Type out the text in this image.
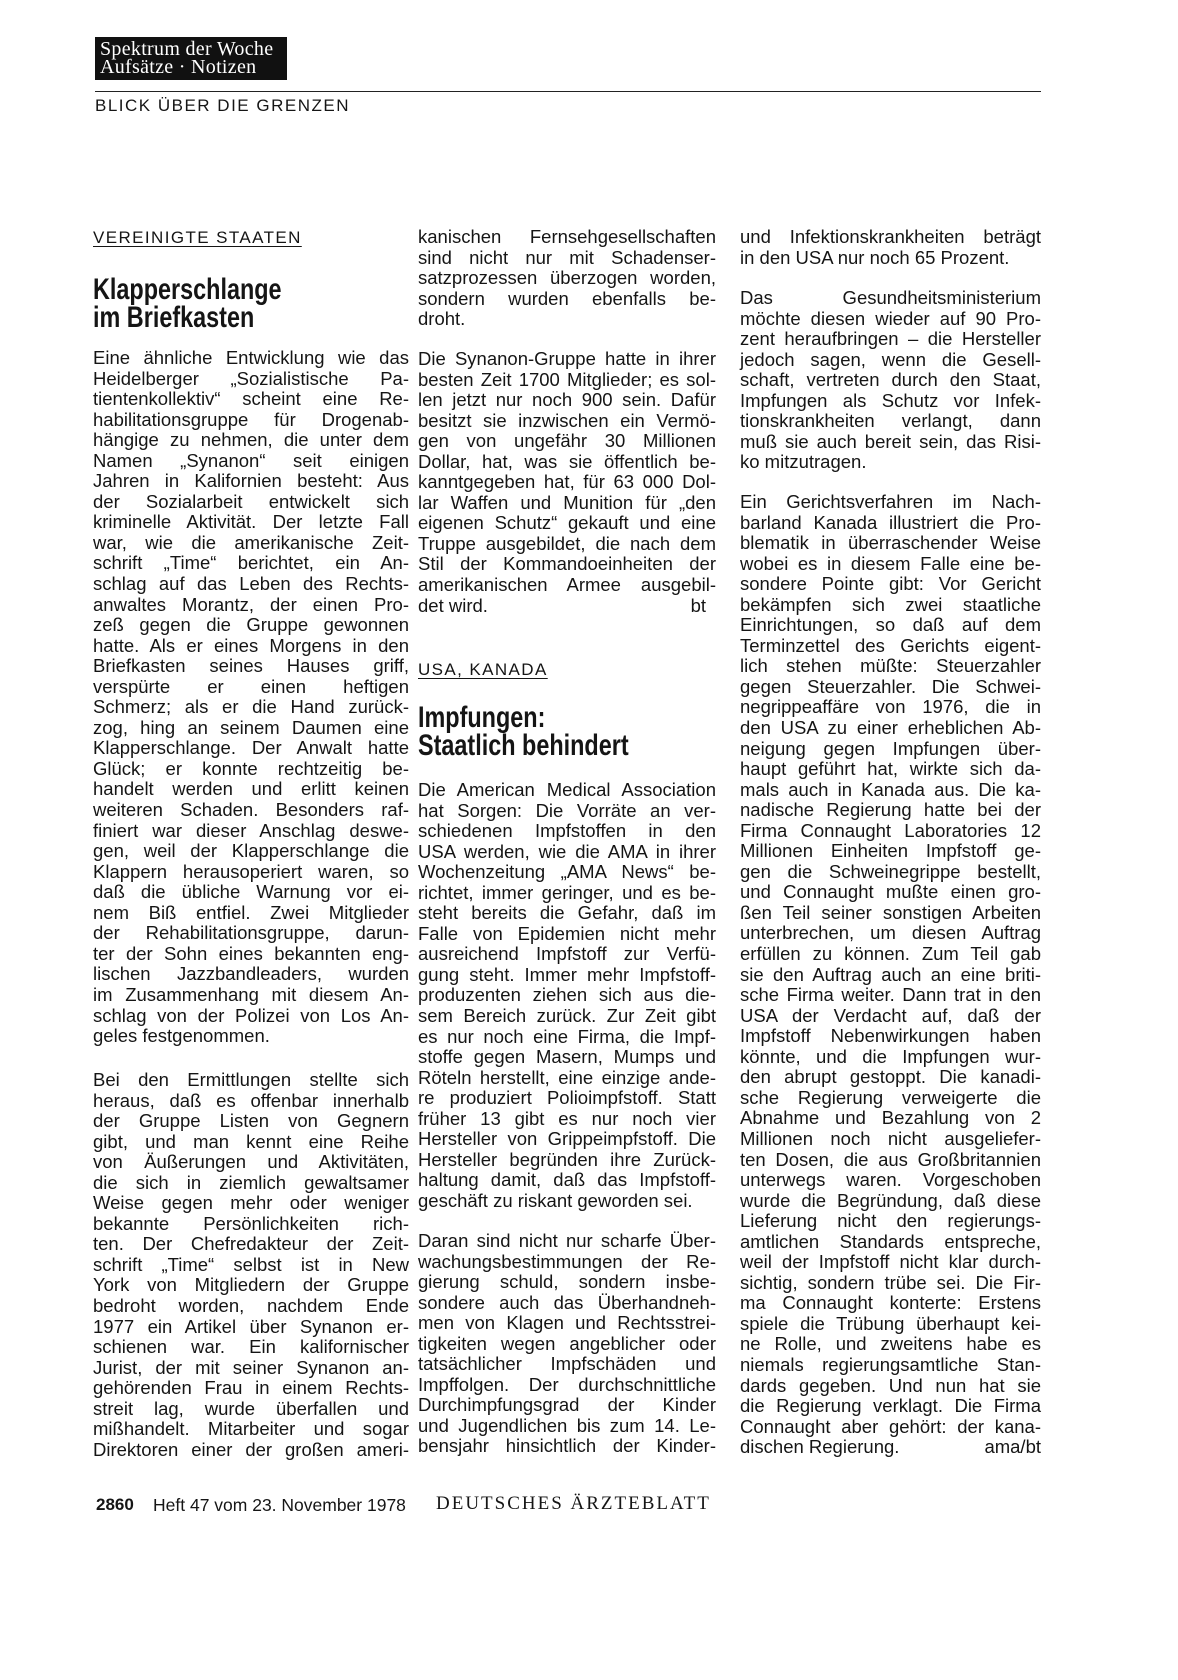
Spektrum der Woche
Aufsätze · Notizen
BLICK ÜBER DIE GRENZEN
VEREINIGTE STAATEN
Klapperschlange
im Briefkasten
Eine ähnliche Entwicklung wie das
Heidelberger „Sozialistische Pa-
tientenkollektiv“ scheint eine Re-
habilitationsgruppe für Drogenab-
hängige zu nehmen, die unter dem
Namen „Synanon“ seit einigen
Jahren in Kalifornien besteht: Aus
der Sozialarbeit entwickelt sich
kriminelle Aktivität. Der letzte Fall
war, wie die amerikanische Zeit-
schrift „Time“ berichtet, ein An-
schlag auf das Leben des Rechts-
anwaltes Morantz, der einen Pro-
zeß gegen die Gruppe gewonnen
hatte. Als er eines Morgens in den
Briefkasten seines Hauses griff,
verspürte er einen heftigen
Schmerz; als er die Hand zurück-
zog, hing an seinem Daumen eine
Klapperschlange. Der Anwalt hatte
Glück; er konnte rechtzeitig be-
handelt werden und erlitt keinen
weiteren Schaden. Besonders raf-
finiert war dieser Anschlag deswe-
gen, weil der Klapperschlange die
Klappern herausoperiert waren, so
daß die übliche Warnung vor ei-
nem Biß entfiel. Zwei Mitglieder
der Rehabilitationsgruppe, darun-
ter der Sohn eines bekannten eng-
lischen Jazzbandleaders, wurden
im Zusammenhang mit diesem An-
schlag von der Polizei von Los An-
geles festgenommen.
Bei den Ermittlungen stellte sich
heraus, daß es offenbar innerhalb
der Gruppe Listen von Gegnern
gibt, und man kennt eine Reihe
von Äußerungen und Aktivitäten,
die sich in ziemlich gewaltsamer
Weise gegen mehr oder weniger
bekannte Persönlichkeiten rich-
ten. Der Chefredakteur der Zeit-
schrift „Time“ selbst ist in New
York von Mitgliedern der Gruppe
bedroht worden, nachdem Ende
1977 ein Artikel über Synanon er-
schienen war. Ein kalifornischer
Jurist, der mit seiner Synanon an-
gehörenden Frau in einem Rechts-
streit lag, wurde überfallen und
mißhandelt. Mitarbeiter und sogar
Direktoren einer der großen ameri-
kanischen Fernsehgesellschaften
sind nicht nur mit Schadenser-
satzprozessen überzogen worden,
sondern wurden ebenfalls be-
droht.
Die Synanon-Gruppe hatte in ihrer
besten Zeit 1700 Mitglieder; es sol-
len jetzt nur noch 900 sein. Dafür
besitzt sie inzwischen ein Vermö-
gen von ungefähr 30 Millionen
Dollar, hat, was sie öffentlich be-
kanntgegeben hat, für 63 000 Dol-
lar Waffen und Munition für „den
eigenen Schutz“ gekauft und eine
Truppe ausgebildet, die nach dem
Stil der Kommandoeinheiten der
amerikanischen Armee ausgebil-
det wird.	bt
USA, KANADA
Impfungen:
Staatlich behindert
Die American Medical Association
hat Sorgen: Die Vorräte an ver-
schiedenen Impfstoffen in den
USA werden, wie die AMA in ihrer
Wochenzeitung „AMA News“ be-
richtet, immer geringer, und es be-
steht bereits die Gefahr, daß im
Falle von Epidemien nicht mehr
ausreichend Impfstoff zur Verfü-
gung steht. Immer mehr Impfstoff-
produzenten ziehen sich aus die-
sem Bereich zurück. Zur Zeit gibt
es nur noch eine Firma, die Impf-
stoffe gegen Masern, Mumps und
Röteln herstellt, eine einzige ande-
re produziert Polioimpfstoff. Statt
früher 13 gibt es nur noch vier
Hersteller von Grippeimpfstoff. Die
Hersteller begründen ihre Zurück-
haltung damit, daß das Impfstoff-
geschäft zu riskant geworden sei.
Daran sind nicht nur scharfe Über-
wachungsbestimmungen der Re-
gierung schuld, sondern insbe-
sondere auch das Überhandneh-
men von Klagen und Rechtsstrei-
tigkeiten wegen angeblicher oder
tatsächlicher Impfschäden und
Impffolgen. Der durchschnittliche
Durchimpfungsgrad der Kinder
und Jugendlichen bis zum 14. Le-
bensjahr hinsichtlich der Kinder-
und Infektionskrankheiten beträgt
in den USA nur noch 65 Prozent.
Das Gesundheitsministerium
möchte diesen wieder auf 90 Pro-
zent heraufbringen – die Hersteller
jedoch sagen, wenn die Gesell-
schaft, vertreten durch den Staat,
Impfungen als Schutz vor Infek-
tionskrankheiten verlangt, dann
muß sie auch bereit sein, das Risi-
ko mitzutragen.
Ein Gerichtsverfahren im Nach-
barland Kanada illustriert die Pro-
blematik in überraschender Weise
wobei es in diesem Falle eine be-
sondere Pointe gibt: Vor Gericht
bekämpfen sich zwei staatliche
Einrichtungen, so daß auf dem
Terminzettel des Gerichts eigent-
lich stehen müßte: Steuerzahler
gegen Steuerzahler. Die Schwei-
negrippeaffäre von 1976, die in
den USA zu einer erheblichen Ab-
neigung gegen Impfungen über-
haupt geführt hat, wirkte sich da-
mals auch in Kanada aus. Die ka-
nadische Regierung hatte bei der
Firma Connaught Laboratories 12
Millionen Einheiten Impfstoff ge-
gen die Schweinegrippe bestellt,
und Connaught mußte einen gro-
ßen Teil seiner sonstigen Arbeiten
unterbrechen, um diesen Auftrag
erfüllen zu können. Zum Teil gab
sie den Auftrag auch an eine briti-
sche Firma weiter. Dann trat in den
USA der Verdacht auf, daß der
Impfstoff Nebenwirkungen haben
könnte, und die Impfungen wur-
den abrupt gestoppt. Die kanadi-
sche Regierung verweigerte die
Abnahme und Bezahlung von 2
Millionen noch nicht ausgeliefer-
ten Dosen, die aus Großbritannien
unterwegs waren. Vorgeschoben
wurde die Begründung, daß diese
Lieferung nicht den regierungs-
amtlichen Standards entspreche,
weil der Impfstoff nicht klar durch-
sichtig, sondern trübe sei. Die Fir-
ma Connaught konterte: Erstens
spiele die Trübung überhaupt kei-
ne Rolle, und zweitens habe es
niemals regierungsamtliche Stan-
dards gegeben. Und nun hat sie
die Regierung verklagt. Die Firma
Connaught aber gehört: der kana-
dischen Regierung.	ama/bt
2860 Heft 47 vom 23. November 1978 DEUTSCHES ÄRZTEBLATT
